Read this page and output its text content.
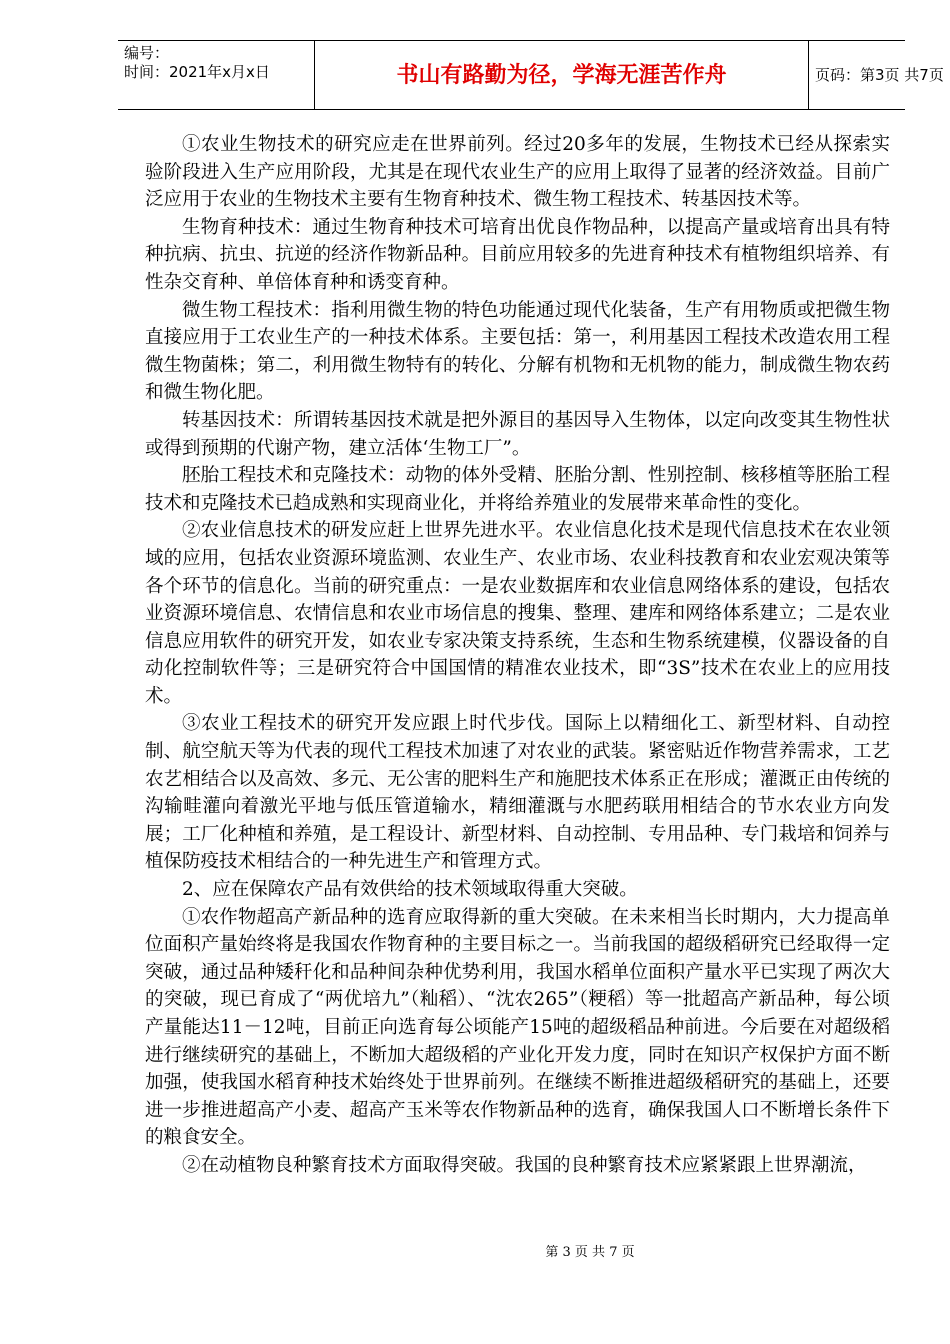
编号：
时间：2021年x月x日	书山有路勤为径，学海无涯苦作舟	页码：第3页 共7页

①农业生物技术的研究应走在世界前列。经过20多年的发展，生物技术已经从探索实验阶段进入生产应用阶段，尤其是在现代农业生产的应用上取得了显著的经济效益。目前广泛应用于农业的生物技术主要有生物育种技术、微生物工程技术、转基因技术等。

生物育种技术：通过生物育种技术可培育出优良作物品种，以提高产量或培育出具有特种抗病、抗虫、抗逆的经济作物新品种。目前应用较多的先进育种技术有植物组织培养、有性杂交育种、单倍体育种和诱变育种。

微生物工程技术：指利用微生物的特色功能通过现代化装备，生产有用物质或把微生物直接应用于工农业生产的一种技术体系。主要包括：第一，利用基因工程技术改造农用工程微生物菌株；第二，利用微生物特有的转化、分解有机物和无机物的能力，制成微生物农药和微生物化肥。

转基因技术：所谓转基因技术就是把外源目的基因导入生物体，以定向改变其生物性状或得到预期的代谢产物，建立活体‘生物工厂”。

胚胎工程技术和克隆技术：动物的体外受精、胚胎分割、性别控制、核移植等胚胎工程技术和克隆技术已趋成熟和实现商业化，并将给养殖业的发展带来革命性的变化。

②农业信息技术的研发应赶上世界先进水平。农业信息化技术是现代信息技术在农业领域的应用，包括农业资源环境监测、农业生产、农业市场、农业科技教育和农业宏观决策等各个环节的信息化。当前的研究重点：一是农业数据库和农业信息网络体系的建设，包括农业资源环境信息、农情信息和农业市场信息的搜集、整理、建库和网络体系建立；二是农业信息应用软件的研究开发，如农业专家决策支持系统，生态和生物系统建模，仪器设备的自动化控制软件等；三是研究符合中国国情的精准农业技术，即“3S”技术在农业上的应用技术。

③农业工程技术的研究开发应跟上时代步伐。国际上以精细化工、新型材料、自动控制、航空航天等为代表的现代工程技术加速了对农业的武装。紧密贴近作物营养需求，工艺农艺相结合以及高效、多元、无公害的肥料生产和施肥技术体系正在形成；灌溉正由传统的沟输畦灌向着激光平地与低压管道输水，精细灌溉与水肥药联用相结合的节水农业方向发展；工厂化种植和养殖，是工程设计、新型材料、自动控制、专用品种、专门栽培和饲养与植保防疫技术相结合的一种先进生产和管理方式。

2、应在保障农产品有效供给的技术领域取得重大突破。

①农作物超高产新品种的选育应取得新的重大突破。在未来相当长时期内，大力提高单位面积产量始终将是我国农作物育种的主要目标之一。当前我国的超级稻研究已经取得一定突破，通过品种矮秆化和品种间杂种优势利用，我国水稻单位面积产量水平已实现了两次大的突破，现已育成了“两优培九”（籼稻）、“沈农265”（粳稻）等一批超高产新品种，每公顷产量能达11－12吨，目前正向选育每公顷能产15吨的超级稻品种前进。今后要在对超级稻进行继续研究的基础上，不断加大超级稻的产业化开发力度，同时在知识产权保护方面不断加强，使我国水稻育种技术始终处于世界前列。在继续不断推进超级稻研究的基础上，还要进一步推进超高产小麦、超高产玉米等农作物新品种的选育，确保我国人口不断增长条件下的粮食安全。

②在动植物良种繁育技术方面取得突破。我国的良种繁育技术应紧紧跟上世界潮流，

第 3 页 共 7 页
